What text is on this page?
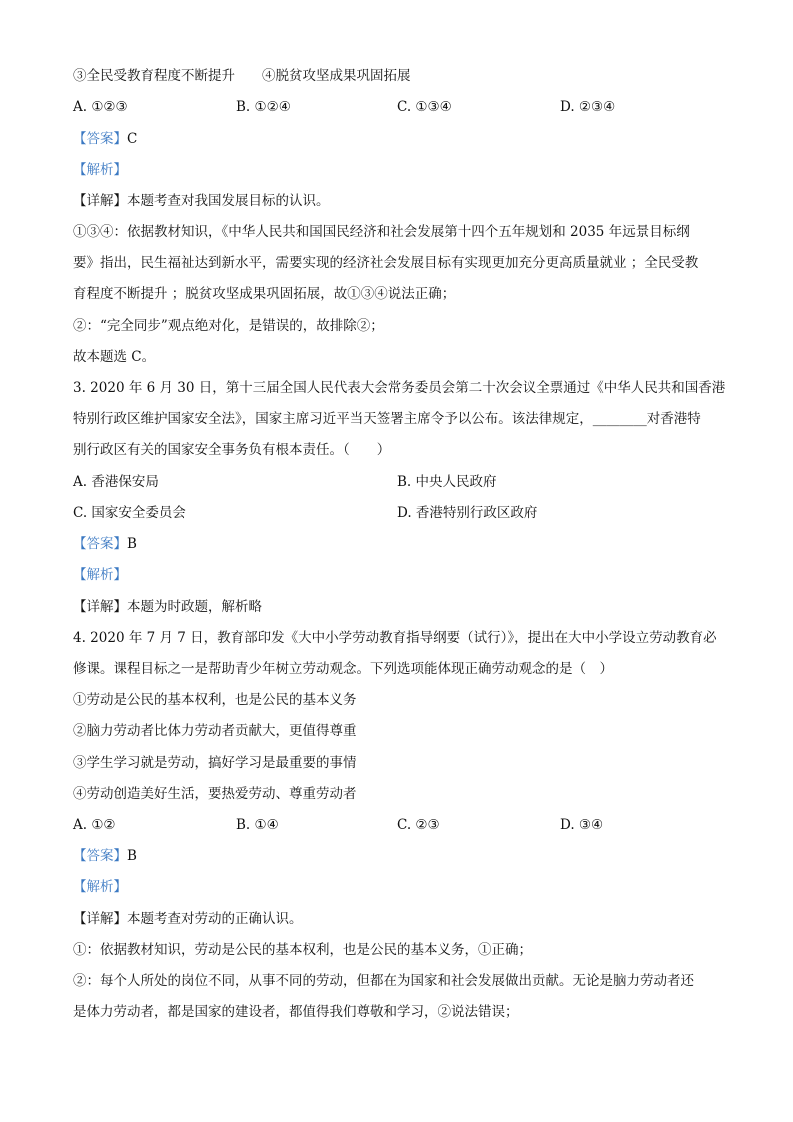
③全民受教育程度不断提升　　④脱贫攻坚成果巩固拓展
A. ①②③	B. ①②④	C. ①③④	D. ②③④
【答案】C
【解析】
【详解】本题考查对我国发展目标的认识。
①③④：依据教材知识，《中华人民共和国国民经济和社会发展第十四个五年规划和 2035 年远景目标纲
要》指出，民生福祉达到新水平，需要实现的经济社会发展目标有实现更加充分更高质量就业 ；全民受教
育程度不断提升 ；脱贫攻坚成果巩固拓展，故①③④说法正确；
②：“完全同步”观点绝对化，是错误的，故排除②；
故本题选 C。
3. 2020 年 6 月 30 日，第十三届全国人民代表大会常务委员会第二十次会议全票通过《中华人民共和国香港
特别行政区维护国家安全法》，国家主席习近平当天签署主席令予以公布。该法律规定，________对香港特
别行政区有关的国家安全事务负有根本责任。（　　）
A. 香港保安局	B. 中央人民政府
C. 国家安全委员会	D. 香港特别行政区政府
【答案】B
【解析】
【详解】本题为时政题，解析略
4. 2020 年 7 月 7 日，教育部印发《大中小学劳动教育指导纲要（试行）》，提出在大中小学设立劳动教育必
修课。课程目标之一是帮助青少年树立劳动观念。下列选项能体现正确劳动观念的是（　）
①劳动是公民的基本权利，也是公民的基本义务
②脑力劳动者比体力劳动者贡献大，更值得尊重
③学生学习就是劳动，搞好学习是最重要的事情
④劳动创造美好生活，要热爱劳动、尊重劳动者
A. ①②	B. ①④	C. ②③	D. ③④
【答案】B
【解析】
【详解】本题考查对劳动的正确认识。
①：依据教材知识，劳动是公民的基本权利，也是公民的基本义务，①正确；
②：每个人所处的岗位不同，从事不同的劳动，但都在为国家和社会发展做出贡献。无论是脑力劳动者还
是体力劳动者，都是国家的建设者，都值得我们尊敬和学习，②说法错误；
